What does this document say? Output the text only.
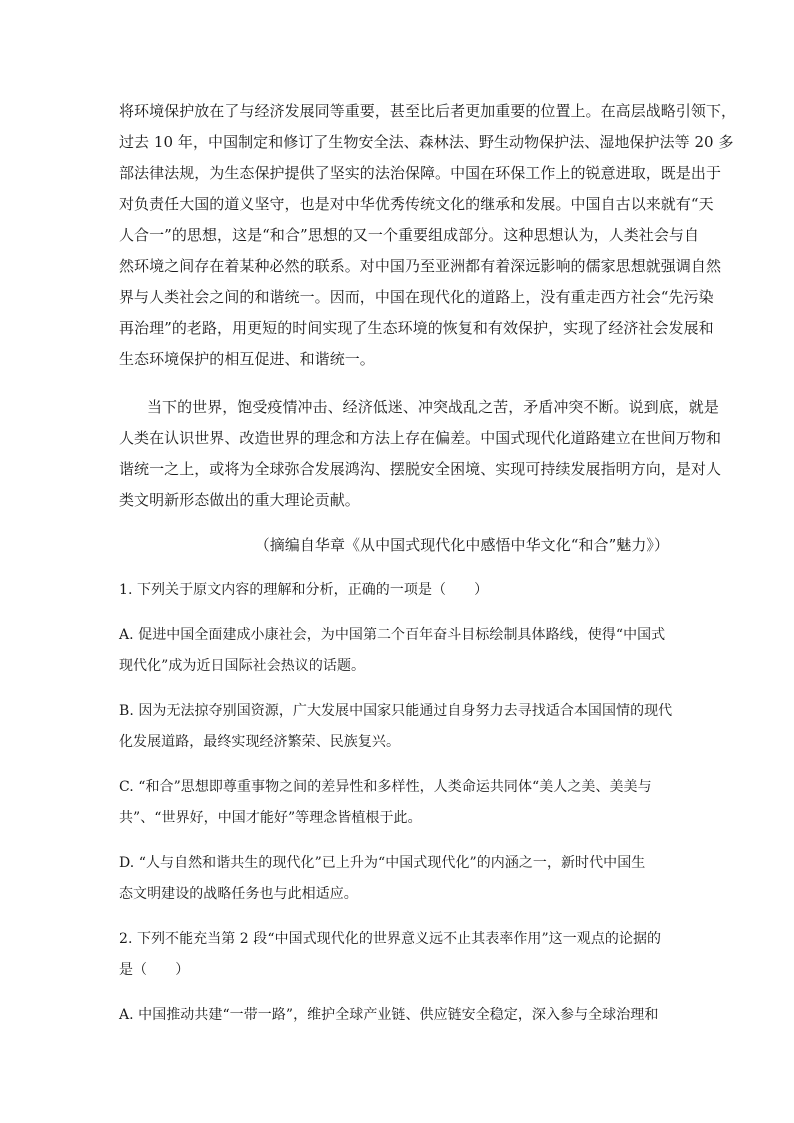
将环境保护放在了与经济发展同等重要，甚至比后者更加重要的位置上。在高层战略引领下，
过去 10 年，中国制定和修订了生物安全法、森林法、野生动物保护法、湿地保护法等 20 多
部法律法规，为生态保护提供了坚实的法治保障。中国在环保工作上的锐意进取，既是出于
对负责任大国的道义坚守，也是对中华优秀传统文化的继承和发展。中国自古以来就有“天
人合一”的思想，这是“和合”思想的又一个重要组成部分。这种思想认为，人类社会与自
然环境之间存在着某种必然的联系。对中国乃至亚洲都有着深远影响的儒家思想就强调自然
界与人类社会之间的和谐统一。因而，中国在现代化的道路上，没有重走西方社会“先污染
再治理”的老路，用更短的时间实现了生态环境的恢复和有效保护，实现了经济社会发展和
生态环境保护的相互促进、和谐统一。
当下的世界，饱受疫情冲击、经济低迷、冲突战乱之苦，矛盾冲突不断。说到底，就是
人类在认识世界、改造世界的理念和方法上存在偏差。中国式现代化道路建立在世间万物和
谐统一之上，或将为全球弥合发展鸿沟、摆脱安全困境、实现可持续发展指明方向，是对人
类文明新形态做出的重大理论贡献。
（摘编自华章《从中国式现代化中感悟中华文化“和合”魅力》）
1. 下列关于原文内容的理解和分析，正确的一项是（　　）
A. 促进中国全面建成小康社会，为中国第二个百年奋斗目标绘制具体路线，使得“中国式
现代化”成为近日国际社会热议的话题。
B. 因为无法掠夺别国资源，广大发展中国家只能通过自身努力去寻找适合本国国情的现代
化发展道路，最终实现经济繁荣、民族复兴。
C. “和合”思想即尊重事物之间的差异性和多样性，人类命运共同体“美人之美、美美与
共”、“世界好，中国才能好”等理念皆植根于此。
D. “人与自然和谐共生的现代化”已上升为“中国式现代化”的内涵之一，新时代中国生
态文明建设的战略任务也与此相适应。
2. 下列不能充当第 2 段“中国式现代化的世界意义远不止其表率作用”这一观点的论据的
是（　　）
A. 中国推动共建“一带一路”，维护全球产业链、供应链安全稳定，深入参与全球治理和
